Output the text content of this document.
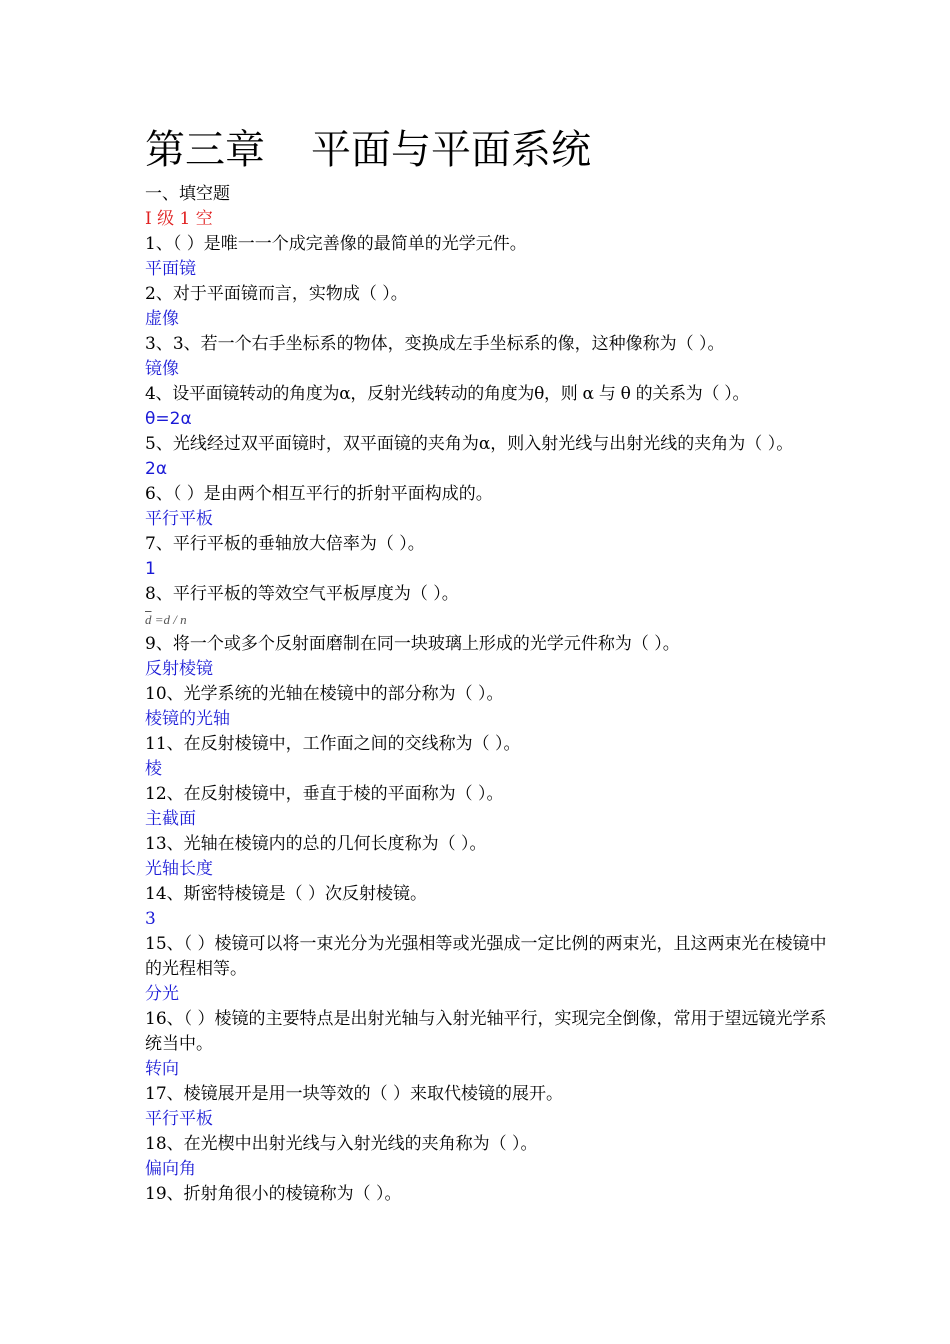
第三章 平面与平面系统
一、填空题
I 级 1 空
1、（ ）是唯一一个成完善像的最简单的光学元件。
平面镜
2、对于平面镜而言，实物成（ ）。
虚像
3、3、若一个右手坐标系的物体，变换成左手坐标系的像，这种像称为（ ）。
镜像
4、设平面镜转动的角度为α，反射光线转动的角度为θ，则 α 与 θ 的关系为（ ）。
θ=2α
5、光线经过双平面镜时，双平面镜的夹角为α，则入射光线与出射光线的夹角为（ ）。
2α
6、（ ）是由两个相互平行的折射平面构成的。
平行平板
7、平行平板的垂轴放大倍率为（ ）。
1
8、平行平板的等效空气平板厚度为（ ）。
$\overline{d} =d / n$
9、将一个或多个反射面磨制在同一块玻璃上形成的光学元件称为（ ）。
反射棱镜
10、光学系统的光轴在棱镜中的部分称为（ ）。
棱镜的光轴
11、在反射棱镜中，工作面之间的交线称为（ ）。
棱
12、在反射棱镜中，垂直于棱的平面称为（ ）。
主截面
13、光轴在棱镜内的总的几何长度称为（ ）。
光轴长度
14、斯密特棱镜是（ ）次反射棱镜。
3
15、（ ）棱镜可以将一束光分为光强相等或光强成一定比例的两束光，且这两束光在棱镜中的光程相等。
分光
16、（ ）棱镜的主要特点是出射光轴与入射光轴平行，实现完全倒像，常用于望远镜光学系统当中。
转向
17、棱镜展开是用一块等效的（ ）来取代棱镜的展开。
平行平板
18、在光楔中出射光线与入射光线的夹角称为（ ）。
偏向角
19、折射角很小的棱镜称为（ ）。
